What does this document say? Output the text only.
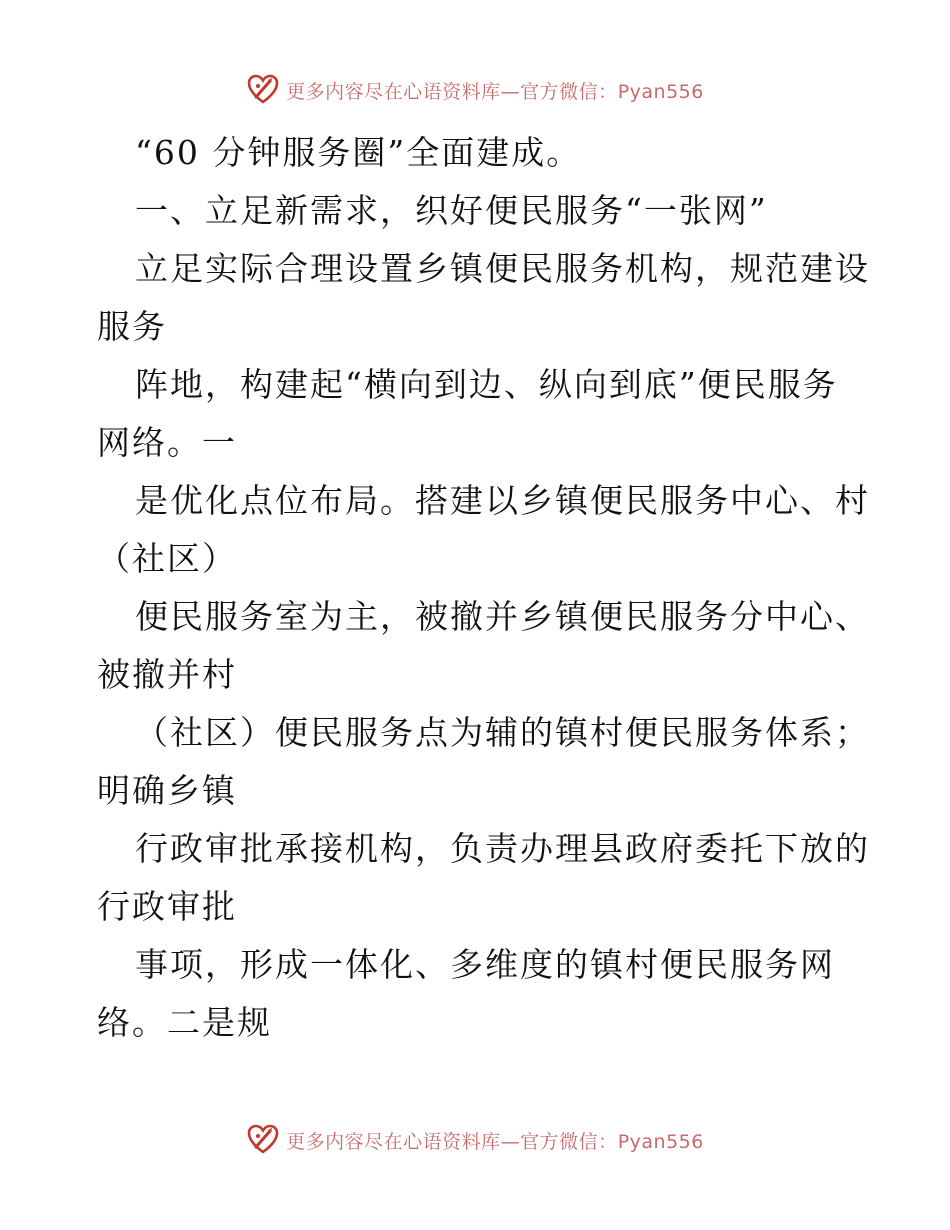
更多内容尽在心语资料库—官方微信：Pyan556
“60 分钟服务圈”全面建成。
一、立足新需求，织好便民服务“一张网”
立足实际合理设置乡镇便民服务机构，规范建设
服务
阵地，构建起“横向到边、纵向到底”便民服务
网络。一
是优化点位布局。搭建以乡镇便民服务中心、村
（社区）
便民服务室为主，被撤并乡镇便民服务分中心、
被撤并村
（社区）便民服务点为辅的镇村便民服务体系；
明确乡镇
行政审批承接机构，负责办理县政府委托下放的
行政审批
事项，形成一体化、多维度的镇村便民服务网
络。二是规
更多内容尽在心语资料库—官方微信：Pyan556
